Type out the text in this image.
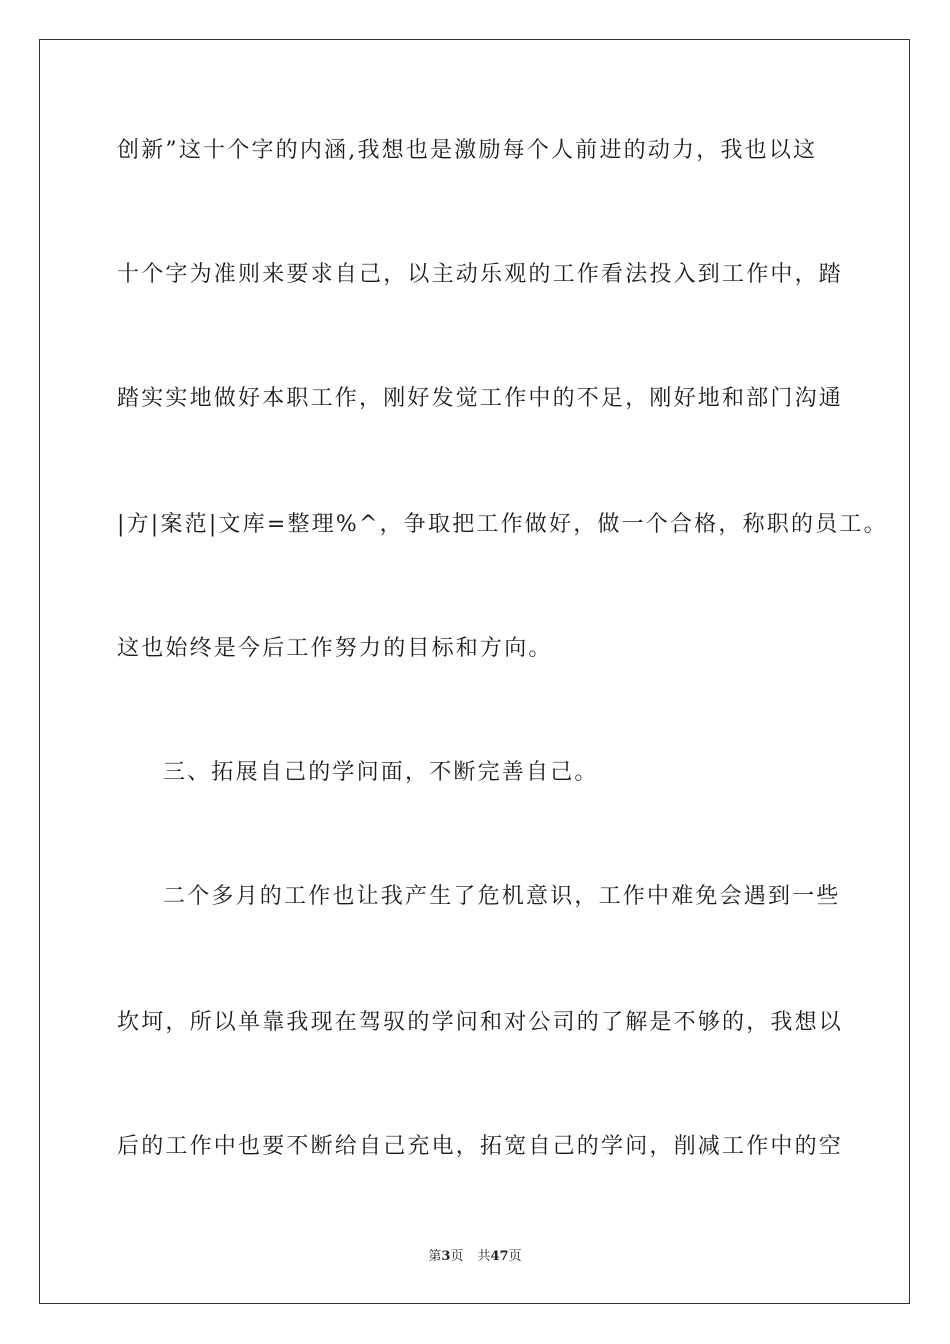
创新”这十个字的内涵,我想也是激励每个人前进的动力，我也以这
十个字为准则来要求自己，以主动乐观的工作看法投入到工作中，踏
踏实实地做好本职工作，刚好发觉工作中的不足，刚好地和部门沟通
|方|案范|文库=整理%^，争取把工作做好，做一个合格，称职的员工。
这也始终是今后工作努力的目标和方向。
三、拓展自己的学问面，不断完善自己。
二个多月的工作也让我产生了危机意识，工作中难免会遇到一些
坎坷，所以单靠我现在驾驭的学问和对公司的了解是不够的，我想以
后的工作中也要不断给自己充电，拓宽自己的学问，削减工作中的空
第3页 共47页
